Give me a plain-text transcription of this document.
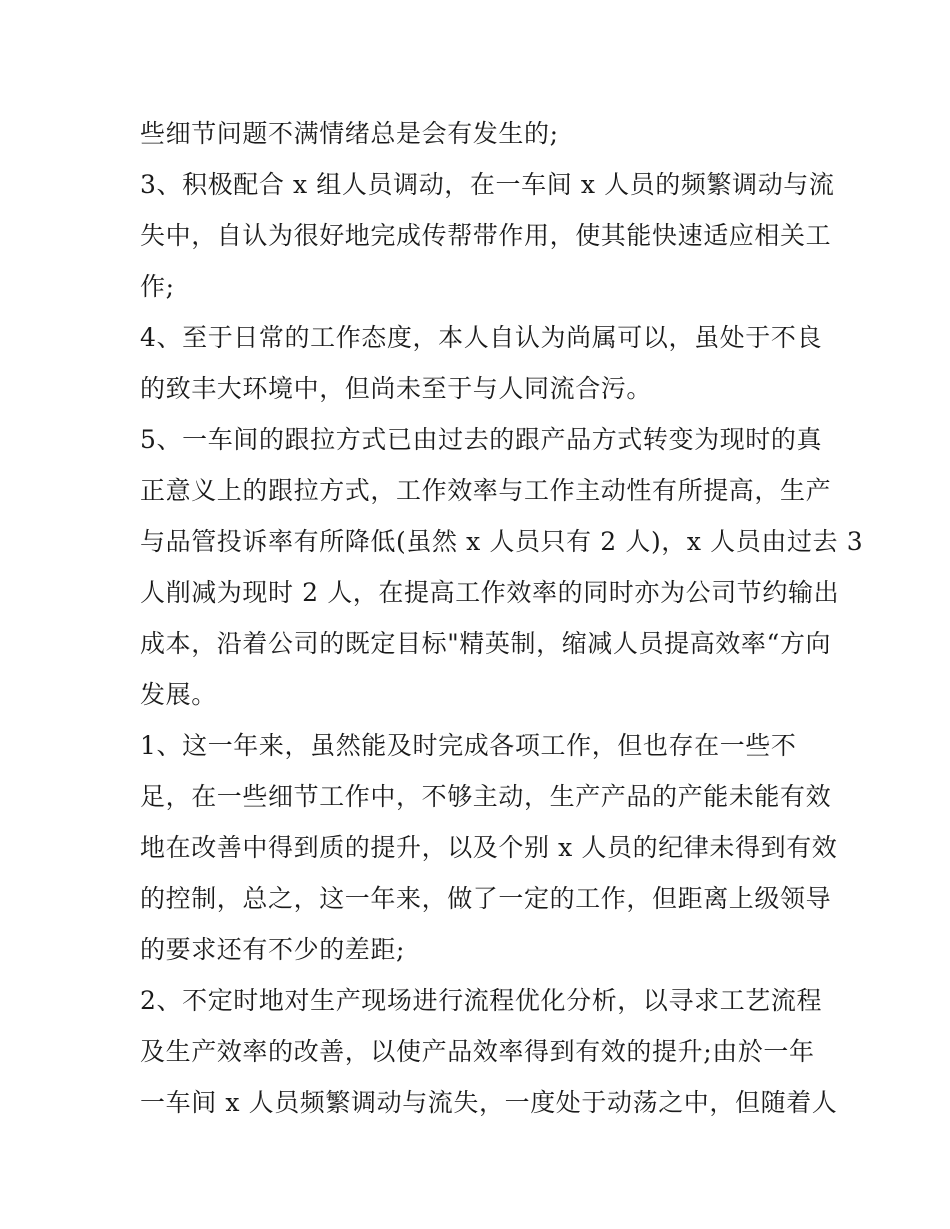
些细节问题不满情绪总是会有发生的;
3、积极配合 x 组人员调动，在一车间 x 人员的频繁调动与流
失中，自认为很好地完成传帮带作用，使其能快速适应相关工
作;
4、至于日常的工作态度，本人自认为尚属可以，虽处于不良
的致丰大环境中，但尚未至于与人同流合污。
5、一车间的跟拉方式已由过去的跟产品方式转变为现时的真
正意义上的跟拉方式，工作效率与工作主动性有所提高，生产
与品管投诉率有所降低(虽然 x 人员只有 2 人)，x 人员由过去 3
人削减为现时 2 人，在提高工作效率的同时亦为公司节约输出
成本，沿着公司的既定目标"精英制，缩减人员提高效率“方向
发展。
1、这一年来，虽然能及时完成各项工作，但也存在一些不
足，在一些细节工作中，不够主动，生产产品的产能未能有效
地在改善中得到质的提升，以及个别 x 人员的纪律未得到有效
的控制，总之，这一年来，做了一定的工作，但距离上级领导
的要求还有不少的差距;
2、不定时地对生产现场进行流程优化分析，以寻求工艺流程
及生产效率的改善，以使产品效率得到有效的提升;由於一年
一车间 x 人员频繁调动与流失，一度处于动荡之中，但随着人
